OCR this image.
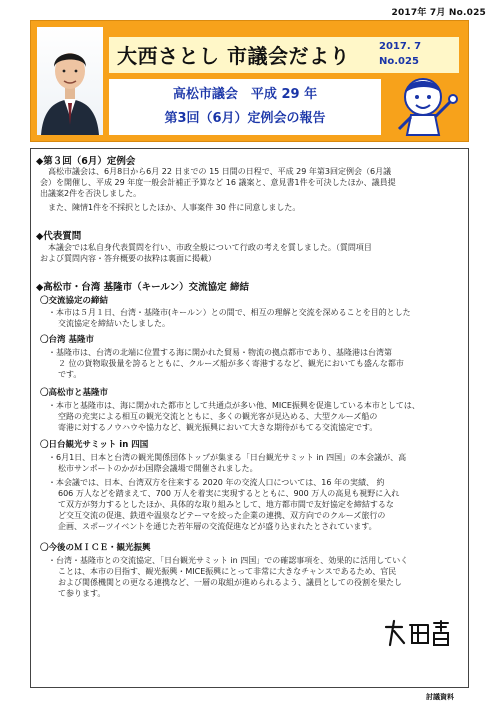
2017年 7月 No.025
大西さとし 市議会だより	2017. 7
No.025
高松市議会　平成 29 年
第3回（6月）定例会の報告
◆第３回（6月）定例会
高松市議会は、6月8日から6月 22 日までの 15 日間の日程で、平成 29 年第3回定例会（6月議
会）を開催し、平成 29 年度一般会計補正予算など 16 議案と、意見書1件を可決したほか、議員提
出議案2件を否決しました。
また、陳情1件を不採択としたほか、人事案件 30 件に同意しました。
◆代表質問
本議会では私自身代表質問を行い、市政全般について行政の考えを質しました。（質問項目
および質問内容・答弁概要の抜粋は裏面に掲載）
◆高松市・台湾 基隆市（キールン）交流協定 締結
〇交流協定の締結
・本市は５月１日、台湾・基隆市(キールン）との間で、相互の理解と交流を深めることを目的とした
交流協定を締結いたしました。
〇台湾 基隆市
・基隆市は、台湾の北端に位置する海に開かれた貿易・物流の拠点都市であり、基隆港は台湾第
２ 位の貨物取扱量を誇るとともに、クルーズ船が多く寄港するなど、観光においても盛んな都市
です。
〇高松市と基隆市
・本市と基隆市は、海に開かれた都市として共通点が多い他、MICE振興を促進している本市としては、
空路の充実による相互の観光交流とともに、多くの観光客が見込める、大型クルーズ船の
寄港に対するノウハウや協力など、観光振興において大きな期待がもてる交流協定です。
〇日台観光サミット in 四国
・6月1日、日本と台湾の観光関係団体トップが集まる「日台観光サミット in 四国」の本会議が、高
松市サンポートのかがわ国際会議場で開催されました。
・本会議では、日本、台湾双方を往来する 2020 年の交流人口については、16 年の実績、 約
606 万人などを踏まえて、700 万人を着実に実現するとともに、900 万人の高見も視野に入れ
て双方が努力するとしたほか、具体的な取り組みとして、地方都市間で友好協定を締結するな
ど交互交流の促進、鉄道や温泉などテーマを絞った企業の連携、双方向でのクルーズ旅行の
企画、スポーツイベントを通じた若年層の交流促進などが盛り込まれたとされています。
〇今後のＭＩＣＥ・観光振興
・台湾・基隆市との交流協定、「日台観光サミット in 四国」での確認事項を、効果的に活用していく
ことは、本市の目指す、観光振興・MICE振興にとって非常に大きなチャンスであるため、官民
および関係機関との更なる連携など、一層の取組が進められるよう、議員としての役割を果たし
て参ります。
討議資料
